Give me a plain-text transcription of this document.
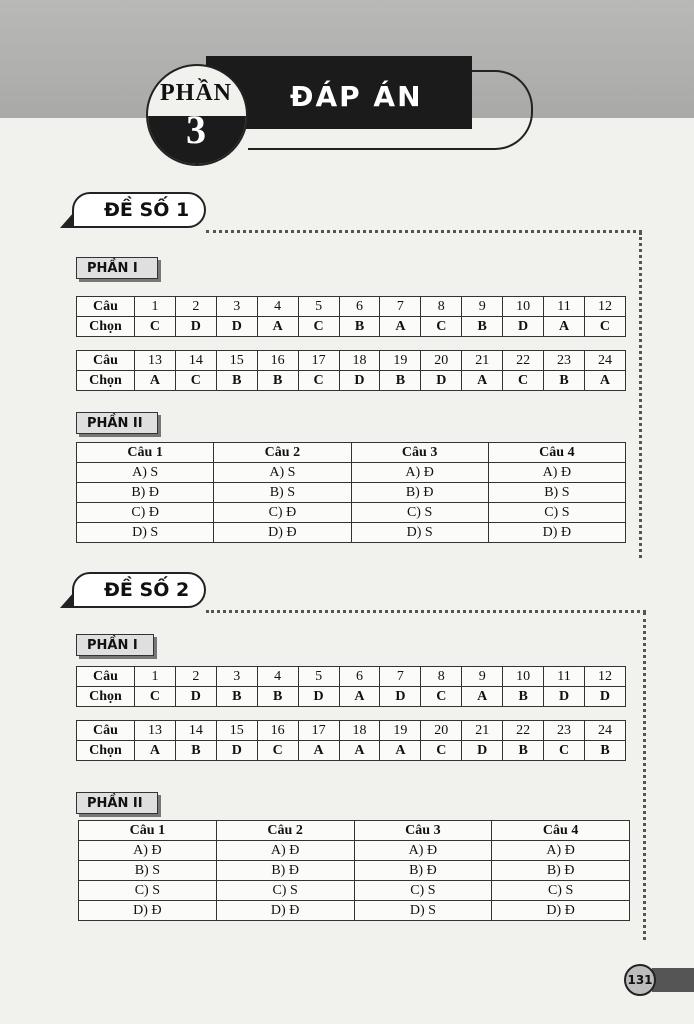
ĐÁP ÁN
PHẦN
3
ĐỀ SỐ 1
PHẦN I
Câu	1	2	3	4	5	6	7	8	9	10	11	12
Chọn	C	D	D	A	C	B	A	C	B	D	A	C
Câu	13	14	15	16	17	18	19	20	21	22	23	24
Chọn	A	C	B	B	C	D	B	D	A	C	B	A
PHẦN II
Câu 1	Câu 2	Câu 3	Câu 4
A) S	A) S	A) Đ	A) Đ
B) Đ	B) S	B) Đ	B) S
C) Đ	C) Đ	C) S	C) S
D) S	D) Đ	D) S	D) Đ
ĐỀ SỐ 2
PHẦN I
Câu	1	2	3	4	5	6	7	8	9	10	11	12
Chọn	C	D	B	B	D	A	D	C	A	B	D	D
Câu	13	14	15	16	17	18	19	20	21	22	23	24
Chọn	A	B	D	C	A	A	A	C	D	B	C	B
PHẦN II
Câu 1	Câu 2	Câu 3	Câu 4
A) Đ	A) Đ	A) Đ	A) Đ
B) S	B) Đ	B) Đ	B) Đ
C) S	C) S	C) S	C) S
D) Đ	D) Đ	D) S	D) Đ
131
